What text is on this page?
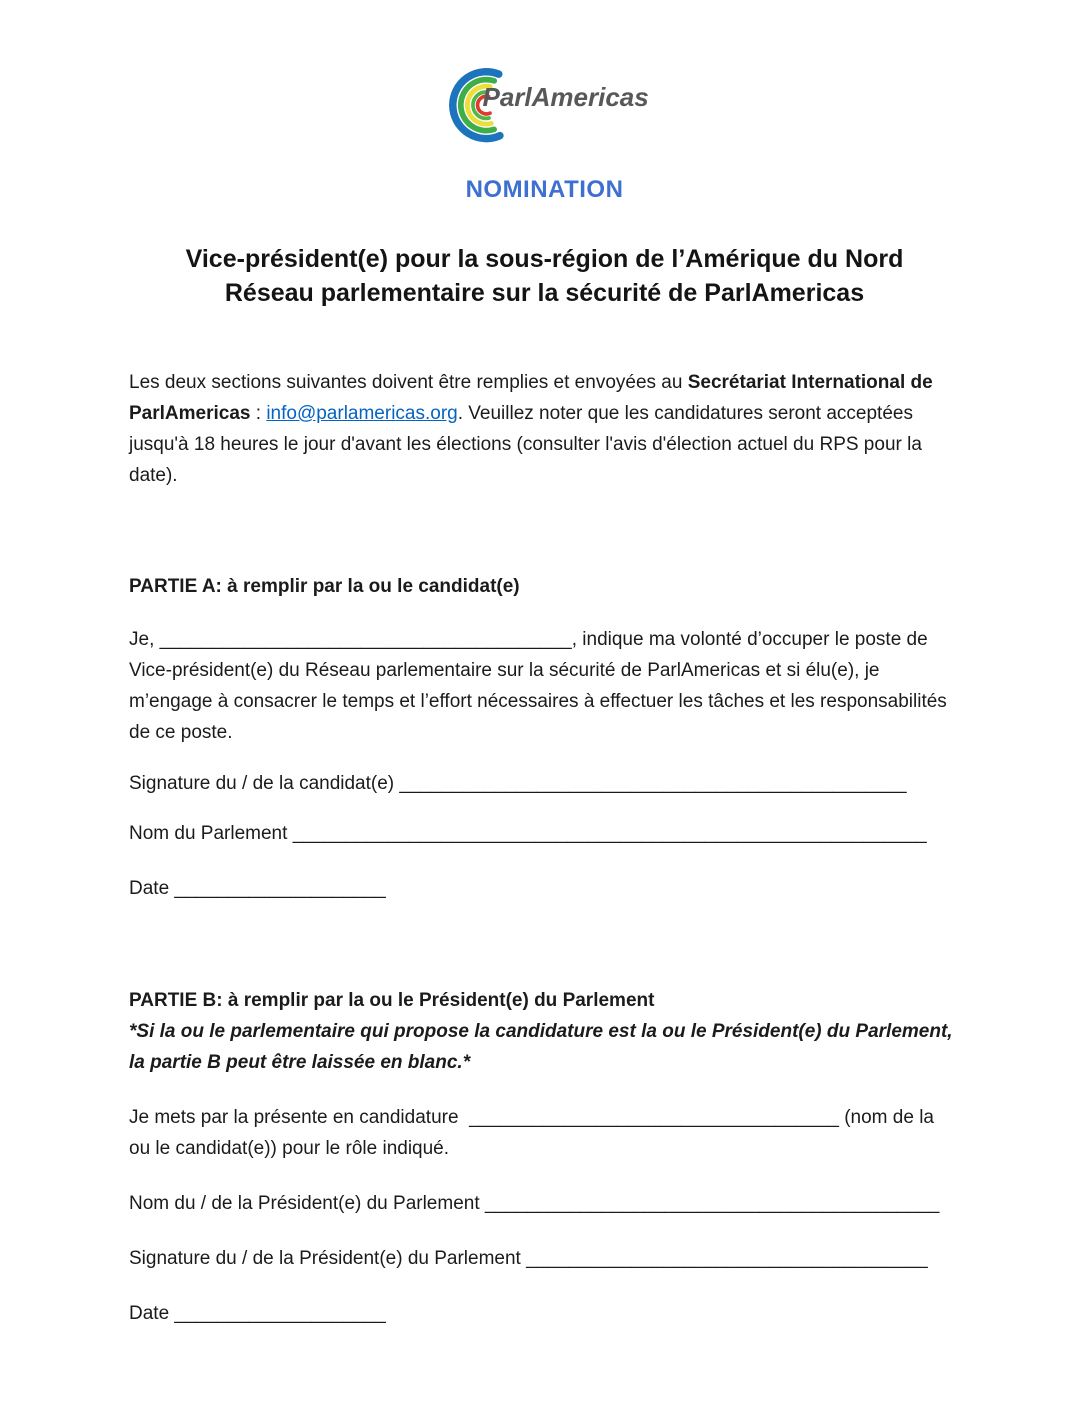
ParlAmericas

NOMINATION

Vice-président(e) pour la sous-région de l’Amérique du Nord

Réseau parlementaire sur la sécurité de ParlAmericas

Les deux sections suivantes doivent être remplies et envoyées au Secrétariat International de ParlAmericas : info@parlamericas.org. Veuillez noter que les candidatures seront acceptées jusqu'à 18 heures le jour d'avant les élections (consulter l'avis d'élection actuel du RPS pour la date).

PARTIE A: à remplir par la ou le candidat(e)

Je, _______________________________________, indique ma volonté d’occuper le poste de Vice-président(e) du Réseau parlementaire sur la sécurité de ParlAmericas et si élu(e), je m’engage à consacrer le temps et l’effort nécessaires à effectuer les tâches et les responsabilités de ce poste.

Signature du / de la candidat(e) ________________________________________________

Nom du Parlement ____________________________________________________________

Date ____________________

PARTIE B: à remplir par la ou le Président(e) du Parlement

*Si la ou le parlementaire qui propose la candidature est la ou le Président(e) du Parlement, la partie B peut être laissée en blanc.*

Je mets par la présente en candidature  ___________________________________ (nom de la ou le candidat(e)) pour le rôle indiqué.

Nom du / de la Président(e) du Parlement ___________________________________________

Signature du / de la Président(e) du Parlement ______________________________________

Date ____________________
